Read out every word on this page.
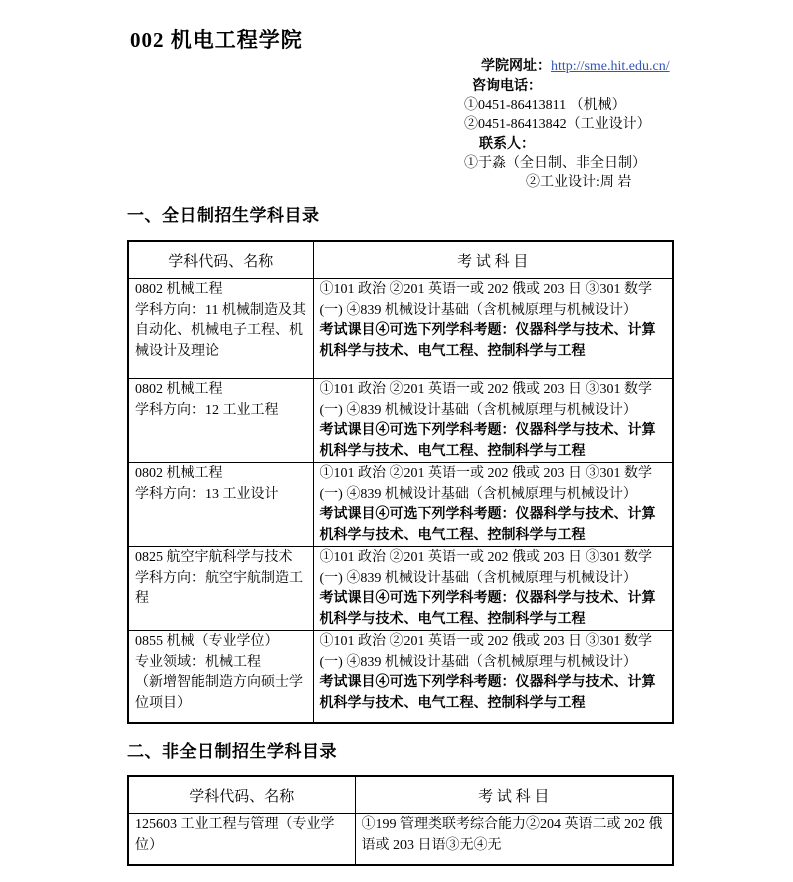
002 机电工程学院
学院网址：http://sme.hit.edu.cn/
咨询电话：
①0451-86413811 （机械）
②0451-86413842（工业设计）
联系人：
①于淼（全日制、非全日制）
②工业设计:周 岩
一、全日制招生学科目录
学科代码、名称	考 试 科 目

0802 机械工程
学科方向：11 机械制造及其自动化、机械电子工程、机械设计及理论
	①101 政治 ②201 英语一或 202 俄或 203 日 ③301 数学(一) ④839 机械设计基础（含机械原理与机械设计）
考试课目④可选下列学科考题：仪器科学与技术、计算机科学与技术、电气工程、控制科学与工程

0802 机械工程
学科方向：12 工业工程
	①101 政治 ②201 英语一或 202 俄或 203 日 ③301 数学(一) ④839 机械设计基础（含机械原理与机械设计）
考试课目④可选下列学科考题：仪器科学与技术、计算机科学与技术、电气工程、控制科学与工程

0802 机械工程
学科方向：13 工业设计
	①101 政治 ②201 英语一或 202 俄或 203 日 ③301 数学(一) ④839 机械设计基础（含机械原理与机械设计）
考试课目④可选下列学科考题：仪器科学与技术、计算机科学与技术、电气工程、控制科学与工程

0825 航空宇航科学与技术
学科方向：航空宇航制造工程
	①101 政治 ②201 英语一或 202 俄或 203 日 ③301 数学(一) ④839 机械设计基础（含机械原理与机械设计）
考试课目④可选下列学科考题：仪器科学与技术、计算机科学与技术、电气工程、控制科学与工程

0855 机械（专业学位）
专业领域：机械工程
（新增智能制造方向硕士学位项目）
	①101 政治 ②201 英语一或 202 俄或 203 日 ③301 数学(一) ④839 机械设计基础（含机械原理与机械设计）
考试课目④可选下列学科考题：仪器科学与技术、计算机科学与技术、电气工程、控制科学与工程
二、非全日制招生学科目录
学科代码、名称	考 试 科 目

125603 工业工程与管理（专业学位）	①199 管理类联考综合能力②204 英语二或 202 俄语或 203 日语③无④无
